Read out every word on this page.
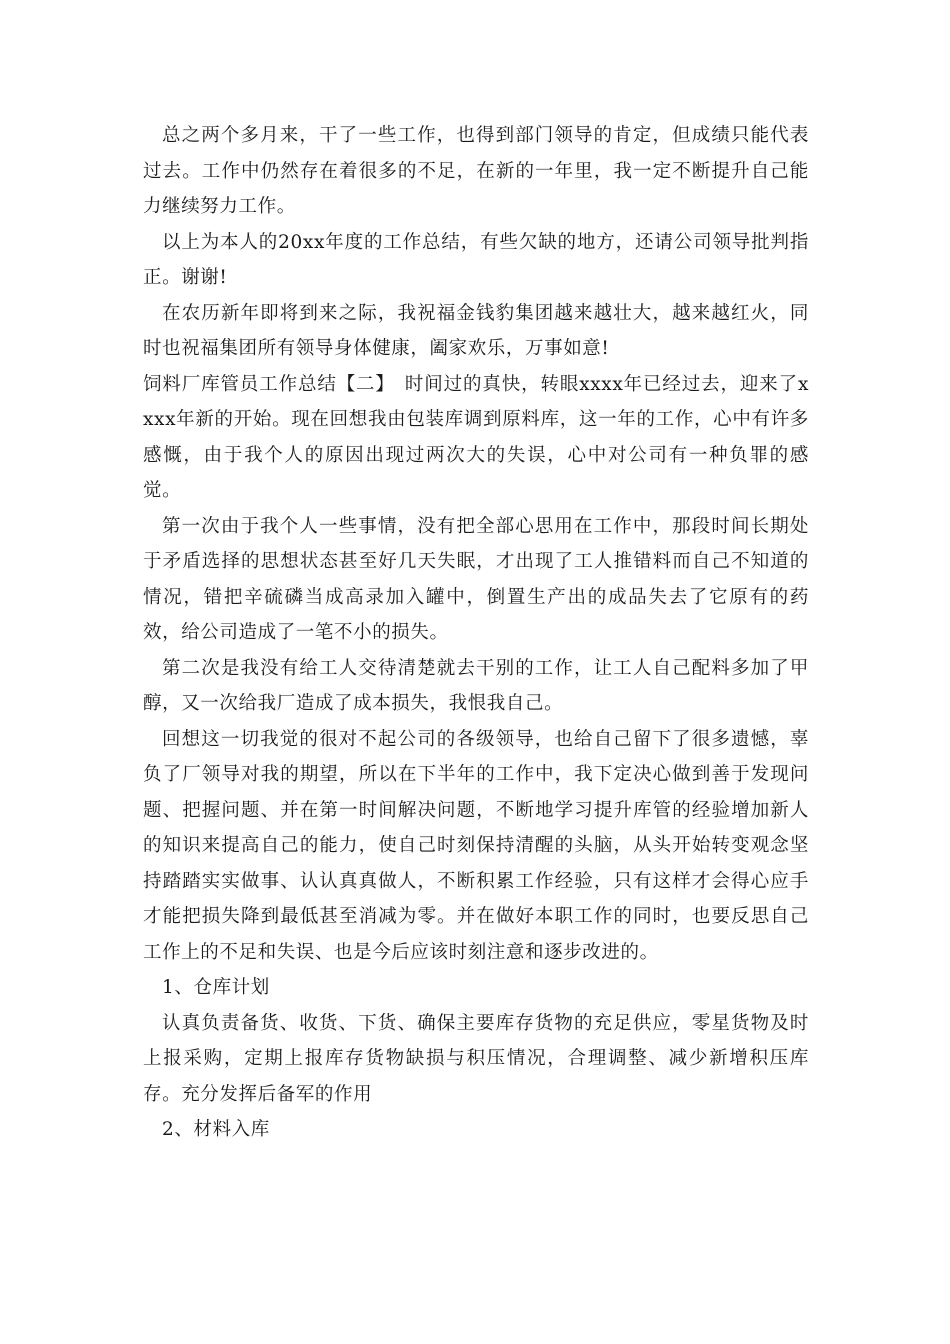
总之两个多月来，干了一些工作，也得到部门领导的肯定，但成绩只能代表过去。工作中仍然存在着很多的不足，在新的一年里，我一定不断提升自己能力继续努力工作。

以上为本人的20xx年度的工作总结，有些欠缺的地方，还请公司领导批判指正。谢谢!

在农历新年即将到来之际，我祝福金钱豹集团越来越壮大，越来越红火，同时也祝福集团所有领导身体健康，阖家欢乐，万事如意!

饲料厂库管员工作总结【二】　时间过的真快，转眼xxxx年已经过去，迎来了xxxx年新的开始。现在回想我由包装库调到原料库，这一年的工作，心中有许多感慨，由于我个人的原因出现过两次大的失误，心中对公司有一种负罪的感觉。

第一次由于我个人一些事情，没有把全部心思用在工作中，那段时间长期处于矛盾选择的思想状态甚至好几天失眠，才出现了工人推错料而自己不知道的情况，错把辛硫磷当成高录加入罐中，倒置生产出的成品失去了它原有的药效，给公司造成了一笔不小的损失。

第二次是我没有给工人交待清楚就去干别的工作，让工人自己配料多加了甲醇，又一次给我厂造成了成本损失，我恨我自己。

回想这一切我觉的很对不起公司的各级领导，也给自己留下了很多遗憾，辜负了厂领导对我的期望，所以在下半年的工作中，我下定决心做到善于发现问题、把握问题、并在第一时间解决问题，不断地学习提升库管的经验增加新人的知识来提高自己的能力，使自己时刻保持清醒的头脑，从头开始转变观念坚持踏踏实实做事、认认真真做人，不断积累工作经验，只有这样才会得心应手才能把损失降到最低甚至消减为零。并在做好本职工作的同时，也要反思自己工作上的不足和失误、也是今后应该时刻注意和逐步改进的。

1、仓库计划

认真负责备货、收货、下货、确保主要库存货物的充足供应，零星货物及时上报采购，定期上报库存货物缺损与积压情况，合理调整、减少新增积压库存。充分发挥后备军的作用

2、材料入库
